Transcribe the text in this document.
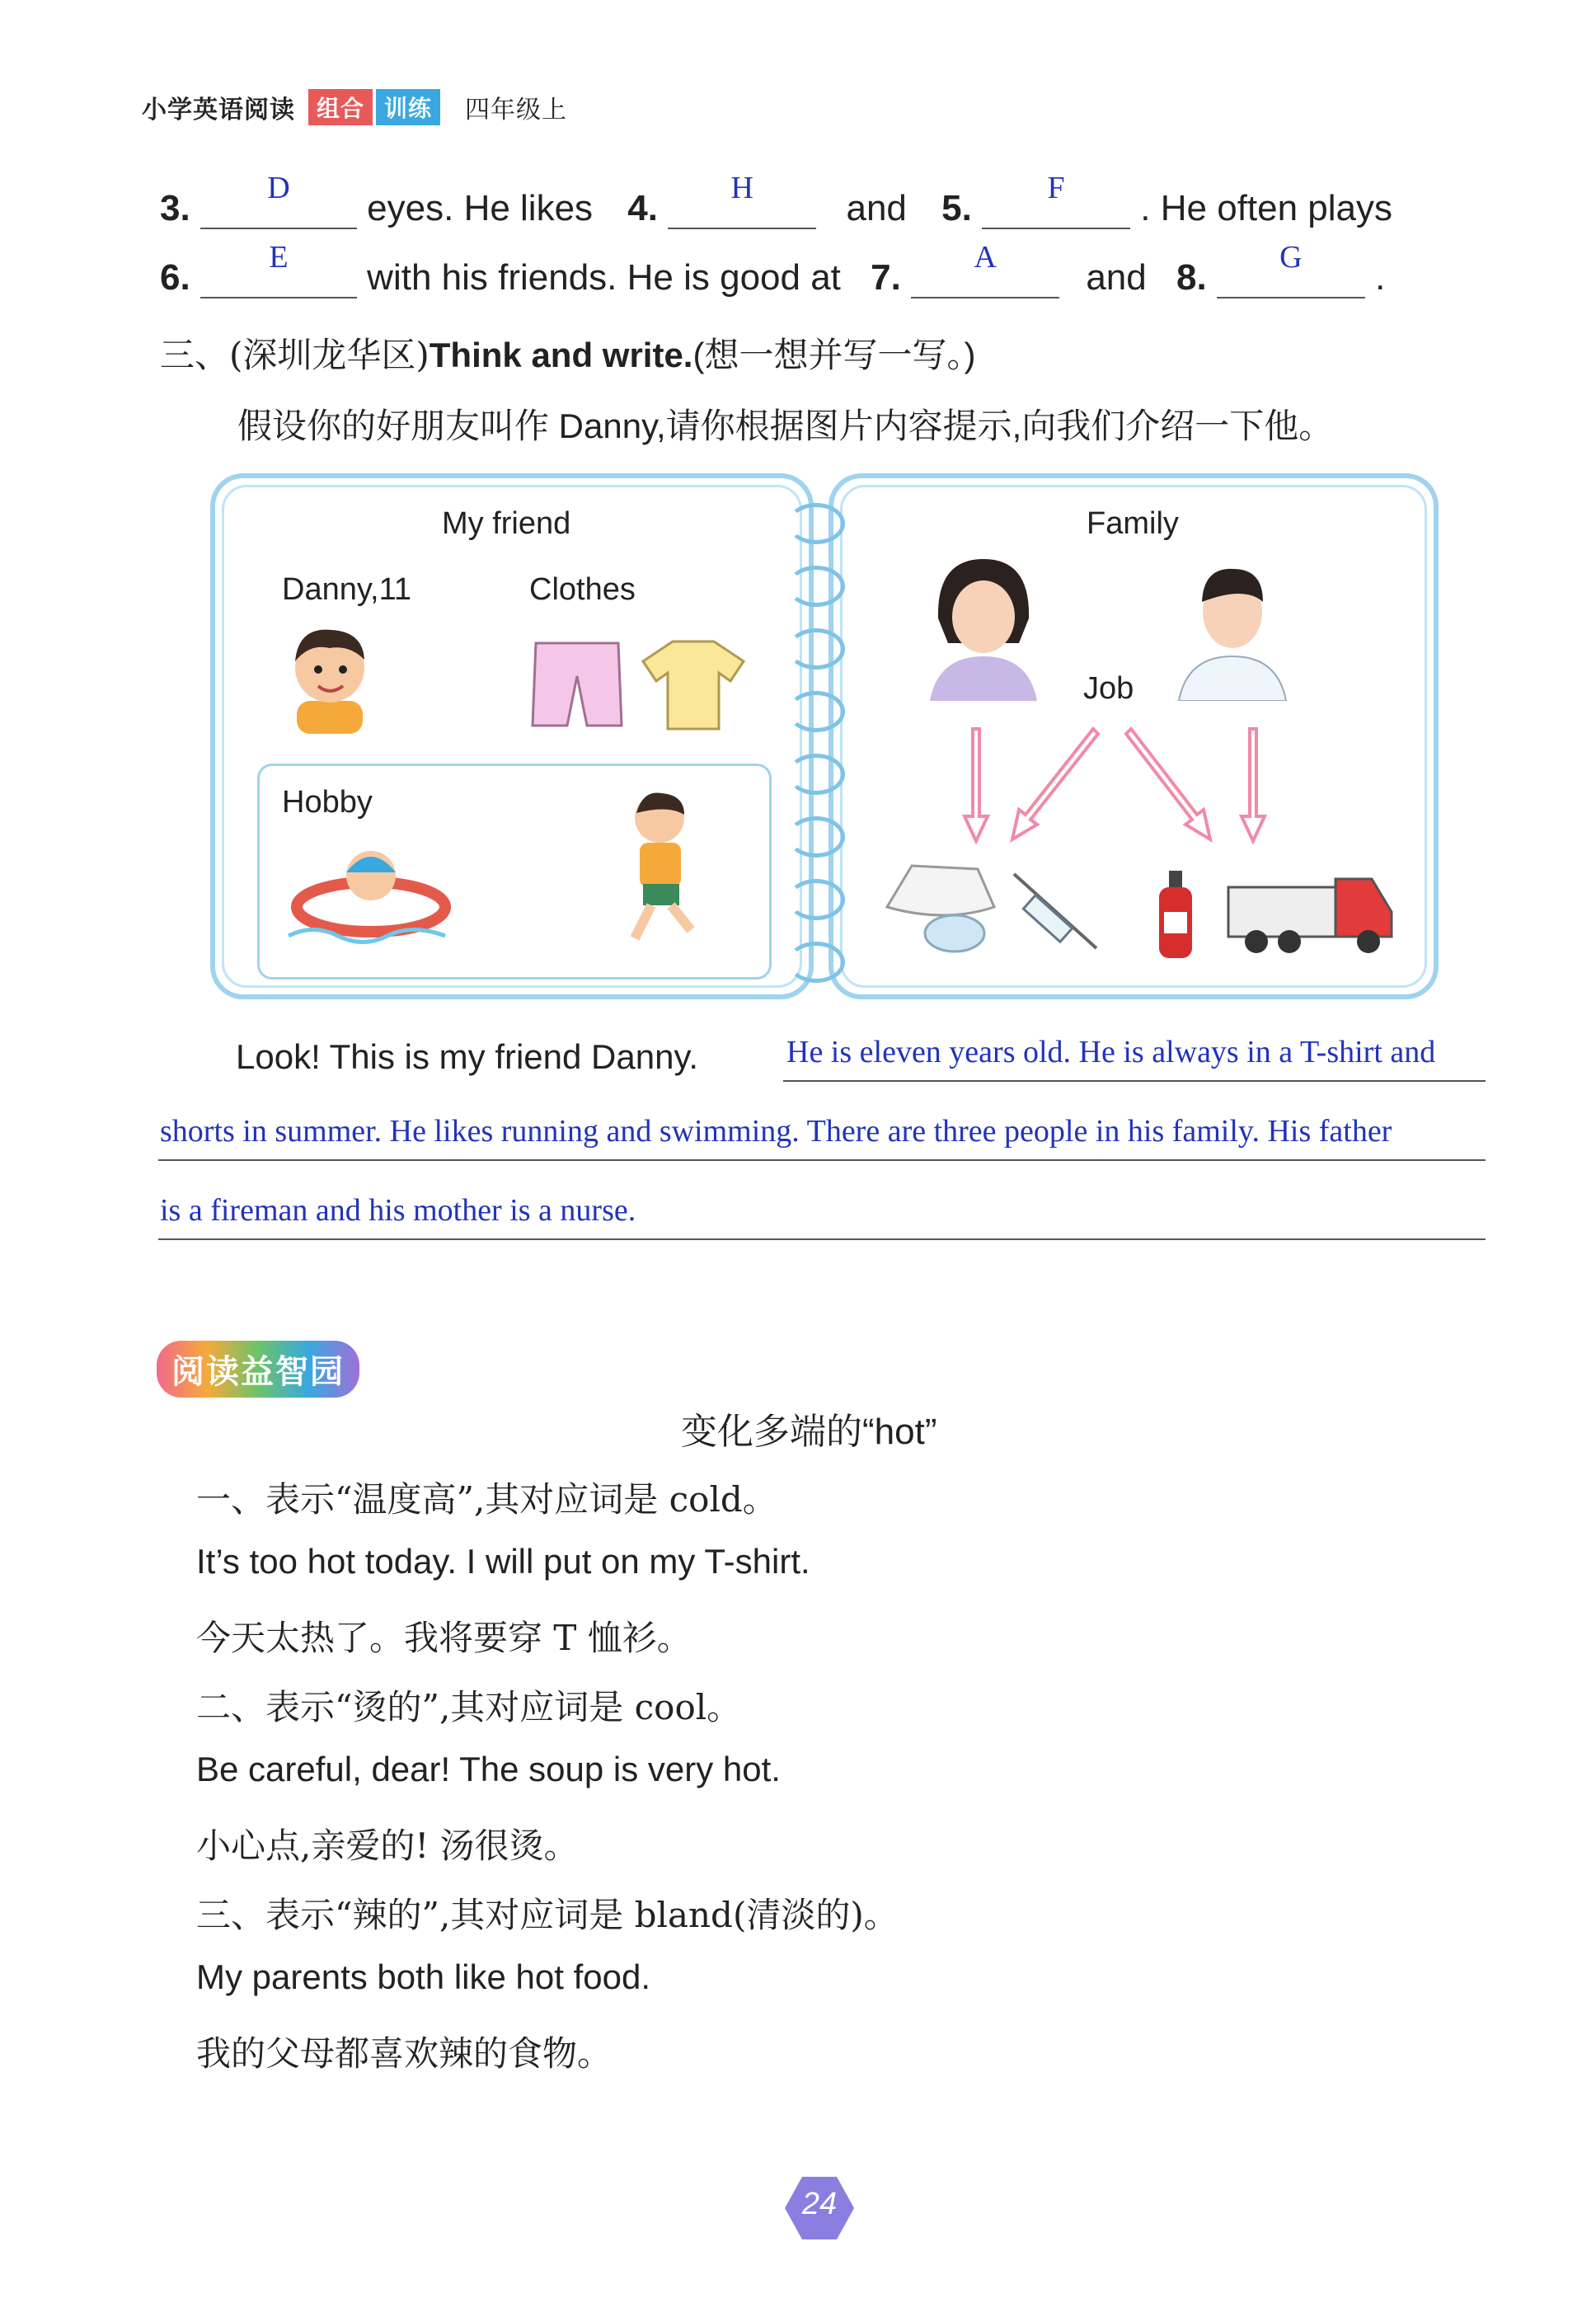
小学英语阅读 组合 训练	四年级上
3.	D	eyes. He likes 4.	H	and 5.	F	. He often plays
6.	E	with his friends. He is good at 7.	A	and 8.	G	.
三、(深圳龙华区)Think and write.(想一想并写一写。)
假设你的好朋友叫作 Danny,请你根据图片内容提示,向我们介绍一下他。
My friend
Danny,11	Clothes
Hobby
Family
Job
Look! This is my friend Danny.	He is eleven years old. He is always in a T-shirt and
shorts in summer. He likes running and swimming. There are three people in his family. His father
is a fireman and his mother is a nurse.
阅读益智园
变化多端的“hot”
一、表示“温度高”,其对应词是 cold。
It’s too hot today. I will put on my T-shirt.
今天太热了。我将要穿 T 恤衫。
二、表示“烫的”,其对应词是 cool。
Be careful, dear! The soup is very hot.
小心点,亲爱的! 汤很烫。
三、表示“辣的”,其对应词是 bland(清淡的)。
My parents both like hot food.
我的父母都喜欢辣的食物。
24
